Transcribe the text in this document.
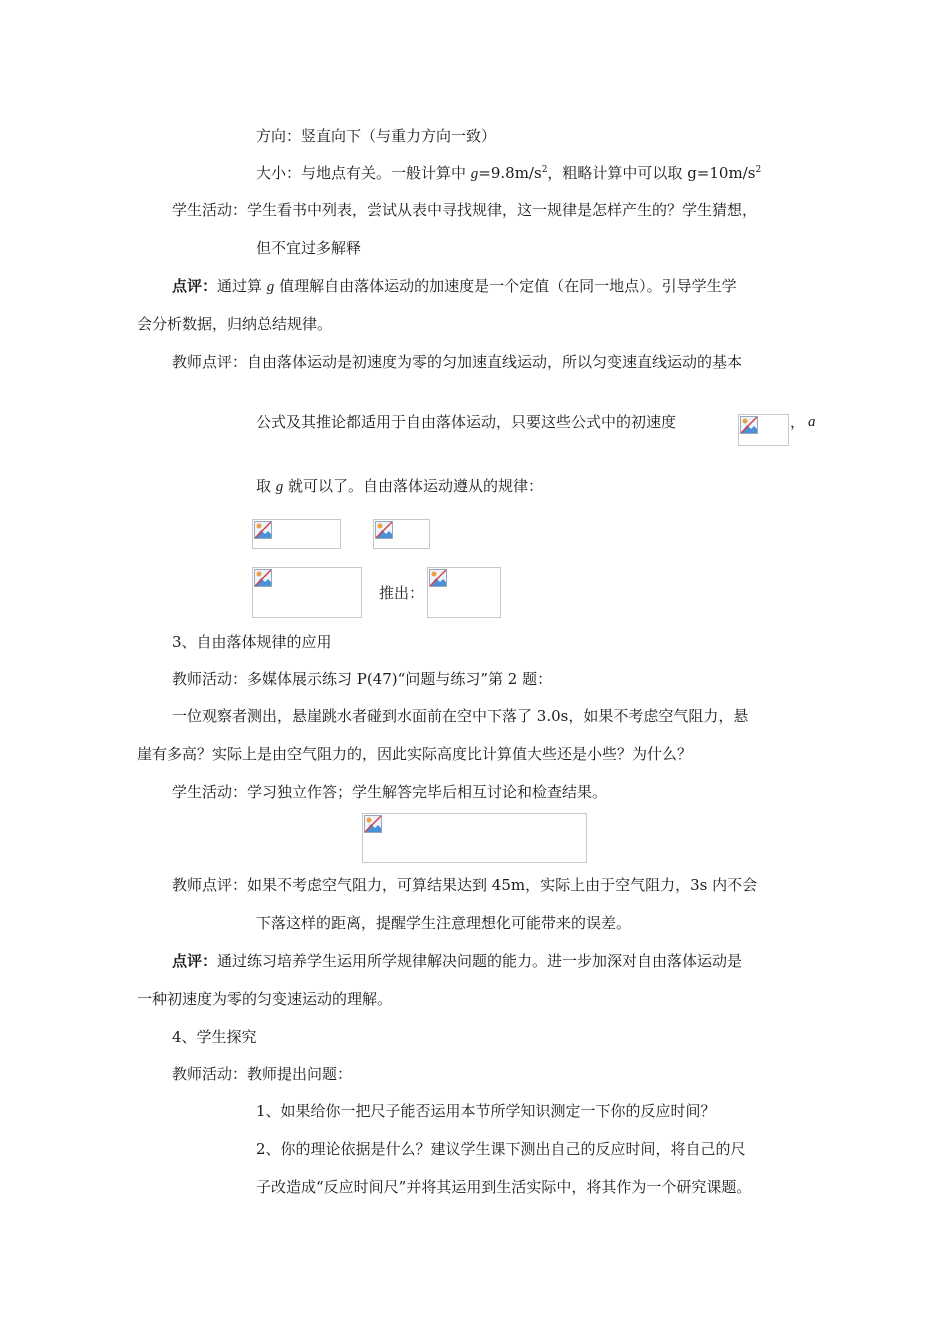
方向：竖直向下（与重力方向一致）
大小：与地点有关。一般计算中 $g=9.8m/s^2$，粗略计算中可以取 $g=10m/s^2$
学生活动：学生看书中列表，尝试从表中寻找规律，这一规律是怎样产生的？学生猜想，
但不宜过多解释
点评：通过算 g 值理解自由落体运动的加速度是一个定值（在同一地点）。引导学生学
会分析数据，归纳总结规律。
教师点评：自由落体运动是初速度为零的匀加速直线运动，所以匀变速直线运动的基本
公式及其推论都适用于自由落体运动，只要这些公式中的初速度	， a
取 g 就可以了。自由落体运动遵从的规律：
推出：
3、自由落体规律的应用
教师活动：多媒体展示练习 P(47)“问题与练习”第 2 题：
一位观察者测出，悬崖跳水者碰到水面前在空中下落了 3.0s，如果不考虑空气阻力，悬
崖有多高？实际上是由空气阻力的，因此实际高度比计算值大些还是小些？为什么？
学生活动：学习独立作答；学生解答完毕后相互讨论和检查结果。
教师点评：如果不考虑空气阻力，可算结果达到 45m，实际上由于空气阻力，3s 内不会
下落这样的距离，提醒学生注意理想化可能带来的误差。
点评：通过练习培养学生运用所学规律解决问题的能力。进一步加深对自由落体运动是
一种初速度为零的匀变速运动的理解。
4、学生探究
教师活动：教师提出问题：
1、如果给你一把尺子能否运用本节所学知识测定一下你的反应时间？
2、你的理论依据是什么？建议学生课下测出自己的反应时间，将自己的尺
子改造成“反应时间尺”并将其运用到生活实际中，将其作为一个研究课题。
